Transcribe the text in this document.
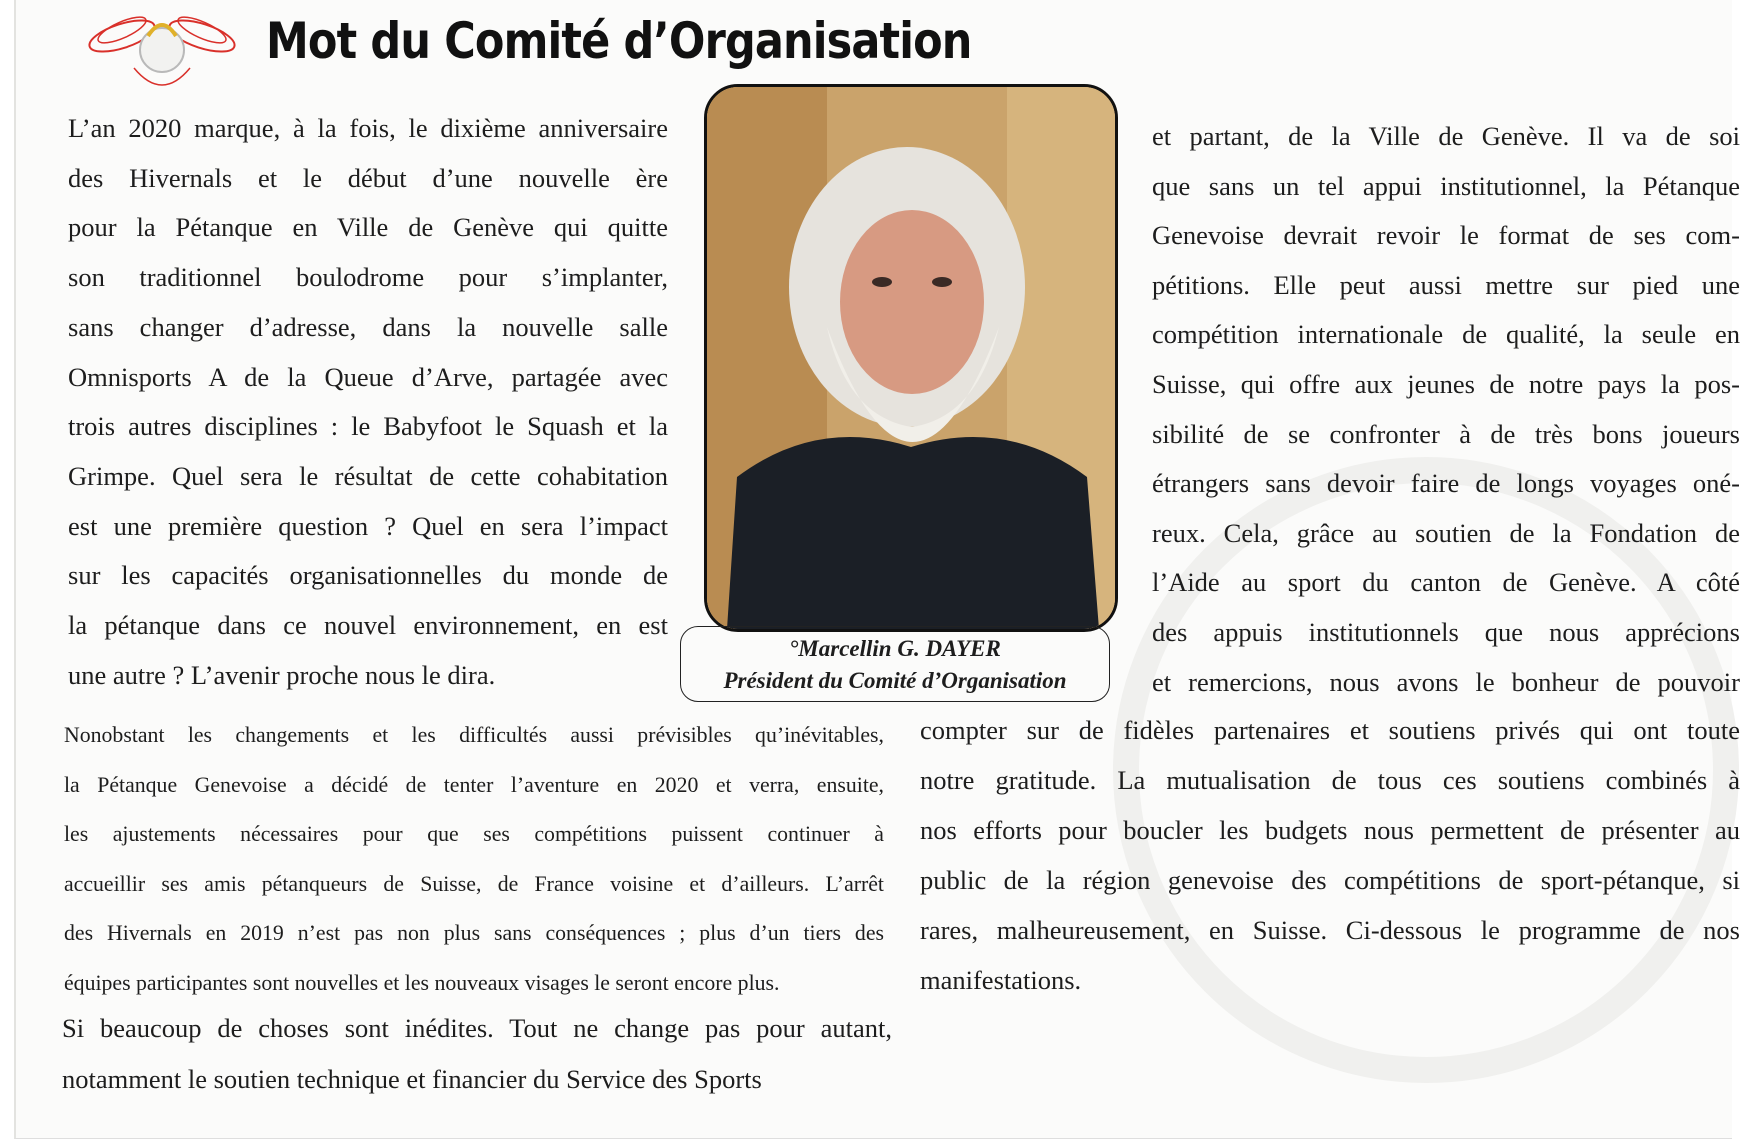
Mot du Comité d’Organisation
L’an 2020 marque, à la fois, le dixième anniversaire
des Hivernals et le début d’une nouvelle ère
pour la Pétanque en Ville de Genève qui quitte
son traditionnel boulodrome pour s’implanter,
sans changer d’adresse, dans la nouvelle salle
Omnisports A de la Queue d’Arve, partagée avec
trois autres disciplines : le Babyfoot le Squash et la
Grimpe. Quel sera le résultat de cette cohabitation
est une première question ? Quel en sera l’impact
sur les capacités organisationnelles du monde de
la pétanque dans ce nouvel environnement, en est
une autre ? L’avenir proche nous le dira.
°Marcellin G. DAYER
Président du Comité d’Organisation
et partant, de la Ville de Genève. Il va de soi
que sans un tel appui institutionnel, la Pétanque
Genevoise devrait revoir le format de ses com-
pétitions. Elle peut aussi mettre sur pied une
compétition internationale de qualité, la seule en
Suisse, qui offre aux jeunes de notre pays la pos-
sibilité de se confronter à de très bons joueurs
étrangers sans devoir faire de longs voyages oné-
reux. Cela, grâce au soutien de la Fondation de
l’Aide au sport du canton de Genève. A côté
des appuis institutionnels que nous apprécions
et remercions, nous avons le bonheur de pouvoir
Nonobstant les changements et les difficultés aussi prévisibles qu’inévitables,
la Pétanque Genevoise a décidé de tenter l’aventure en 2020 et verra, ensuite,
les ajustements nécessaires pour que ses compétitions puissent continuer à
accueillir ses amis pétanqueurs de Suisse, de France voisine et d’ailleurs. L’arrêt
des Hivernals en 2019 n’est pas non plus sans conséquences ; plus d’un tiers des
équipes participantes sont nouvelles et les nouveaux visages le seront encore plus.
Si beaucoup de choses sont inédites. Tout ne change pas pour autant,
notamment le soutien technique et financier du Service des Sports
compter sur de fidèles partenaires et soutiens privés qui ont toute
notre gratitude. La mutualisation de tous ces soutiens combinés à
nos efforts pour boucler les budgets nous permettent de présenter au
public de la région genevoise des compétitions de sport-pétanque, si
rares, malheureusement, en Suisse. Ci-dessous le programme de nos
manifestations.
